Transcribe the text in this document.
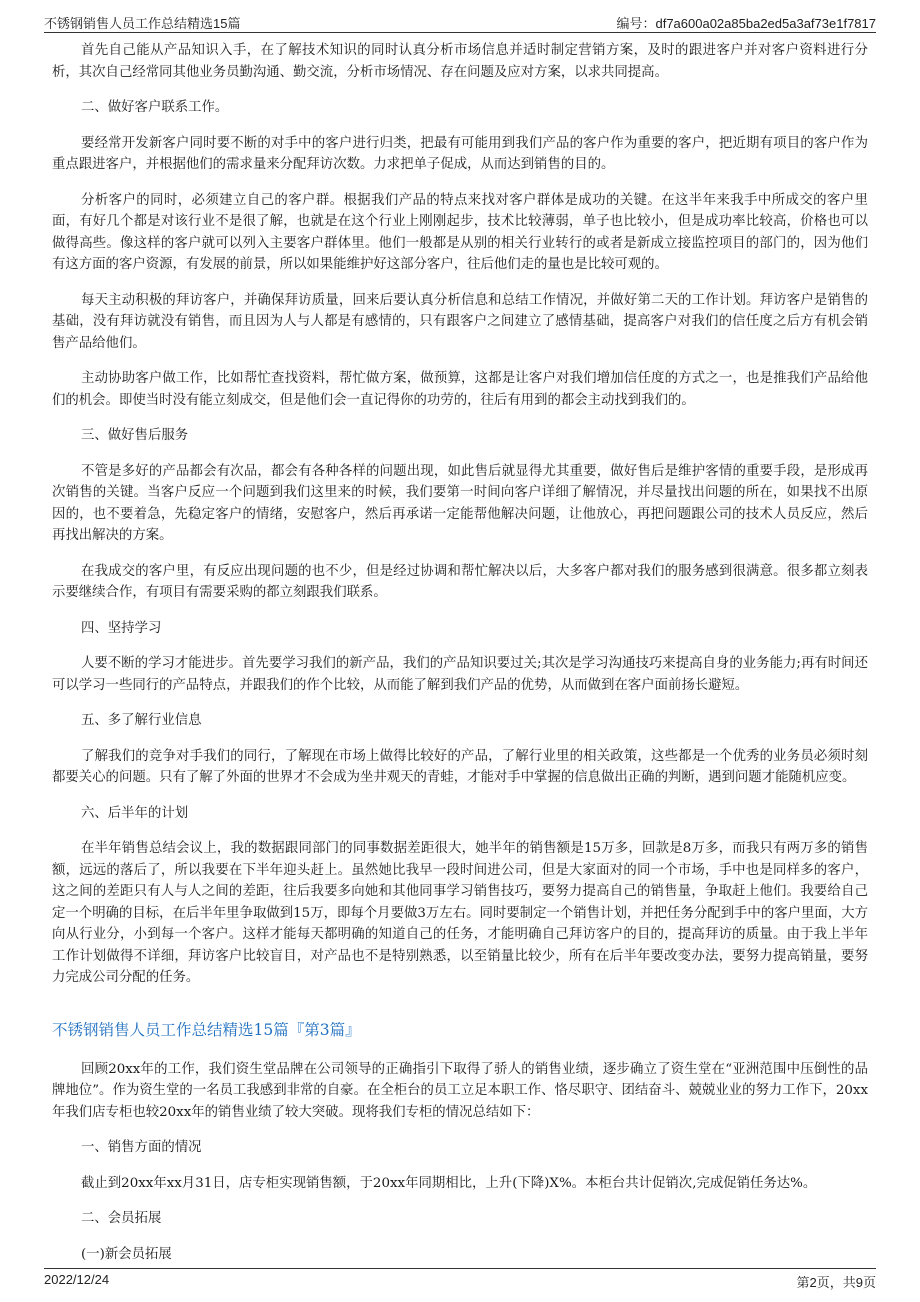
不锈钢销售人员工作总结精选15篇	编号：df7a600a02a85ba2ed5a3af73e1f7817

首先自己能从产品知识入手，在了解技术知识的同时认真分析市场信息并适时制定营销方案，及时的跟进客户并对客户资料进行分析，其次自己经常同其他业务员勤沟通、勤交流，分析市场情况、存在问题及应对方案，以求共同提高。

二、做好客户联系工作。

要经常开发新客户同时要不断的对手中的客户进行归类，把最有可能用到我们产品的客户作为重要的客户，把近期有项目的客户作为重点跟进客户，并根据他们的需求量来分配拜访次数。力求把单子促成，从而达到销售的目的。

分析客户的同时，必须建立自己的客户群。根据我们产品的特点来找对客户群体是成功的关键。在这半年来我手中所成交的客户里面，有好几个都是对该行业不是很了解，也就是在这个行业上刚刚起步，技术比较薄弱，单子也比较小，但是成功率比较高，价格也可以做得高些。像这样的客户就可以列入主要客户群体里。他们一般都是从别的相关行业转行的或者是新成立接监控项目的部门的，因为他们有这方面的客户资源，有发展的前景，所以如果能维护好这部分客户，往后他们走的量也是比较可观的。

每天主动积极的拜访客户，并确保拜访质量，回来后要认真分析信息和总结工作情况，并做好第二天的工作计划。拜访客户是销售的基础，没有拜访就没有销售，而且因为人与人都是有感情的，只有跟客户之间建立了感情基础，提高客户对我们的信任度之后方有机会销售产品给他们。

主动协助客户做工作，比如帮忙查找资料，帮忙做方案，做预算，这都是让客户对我们增加信任度的方式之一，也是推我们产品给他们的机会。即使当时没有能立刻成交，但是他们会一直记得你的功劳的，往后有用到的都会主动找到我们的。

三、做好售后服务

不管是多好的产品都会有次品，都会有各种各样的问题出现，如此售后就显得尤其重要，做好售后是维护客情的重要手段，是形成再次销售的关键。当客户反应一个问题到我们这里来的时候，我们要第一时间向客户详细了解情况，并尽量找出问题的所在，如果找不出原因的，也不要着急，先稳定客户的情绪，安慰客户，然后再承诺一定能帮他解决问题，让他放心，再把问题跟公司的技术人员反应，然后再找出解决的方案。

在我成交的客户里，有反应出现问题的也不少，但是经过协调和帮忙解决以后，大多客户都对我们的服务感到很满意。很多都立刻表示要继续合作，有项目有需要采购的都立刻跟我们联系。

四、坚持学习

人要不断的学习才能进步。首先要学习我们的新产品，我们的产品知识要过关;其次是学习沟通技巧来提高自身的业务能力;再有时间还可以学习一些同行的产品特点，并跟我们的作个比较，从而能了解到我们产品的优势，从而做到在客户面前扬长避短。

五、多了解行业信息

了解我们的竞争对手我们的同行，了解现在市场上做得比较好的产品，了解行业里的相关政策，这些都是一个优秀的业务员必须时刻都要关心的问题。只有了解了外面的世界才不会成为坐井观天的青蛙，才能对手中掌握的信息做出正确的判断，遇到问题才能随机应变。

六、后半年的计划

在半年销售总结会议上，我的数据跟同部门的同事数据差距很大，她半年的销售额是15万多，回款是8万多，而我只有两万多的销售额，远远的落后了，所以我要在下半年迎头赶上。虽然她比我早一段时间进公司，但是大家面对的同一个市场，手中也是同样多的客户，这之间的差距只有人与人之间的差距，往后我要多向她和其他同事学习销售技巧，要努力提高自己的销售量，争取赶上他们。我要给自己定一个明确的目标，在后半年里争取做到15万，即每个月要做3万左右。同时要制定一个销售计划，并把任务分配到手中的客户里面，大方向从行业分，小到每一个客户。这样才能每天都明确的知道自己的任务，才能明确自己拜访客户的目的，提高拜访的质量。由于我上半年工作计划做得不详细，拜访客户比较盲目，对产品也不是特别熟悉，以至销量比较少，所有在后半年要改变办法，要努力提高销量，要努力完成公司分配的任务。

不锈钢销售人员工作总结精选15篇『第3篇』

回顾20xx年的工作，我们资生堂品牌在公司领导的正确指引下取得了骄人的销售业绩，逐步确立了资生堂在“亚洲范围中压倒性的品牌地位”。作为资生堂的一名员工我感到非常的自豪。在全柜台的员工立足本职工作、恪尽职守、团结奋斗、兢兢业业的努力工作下，20xx年我们店专柜也较20xx年的销售业绩了较大突破。现将我们专柜的情况总结如下：

一、销售方面的情况

截止到20xx年xx月31日，店专柜实现销售额，于20xx年同期相比，上升(下降)X%。本柜台共计促销次,完成促销任务达%。

二、会员拓展
(一)新会员拓展
2022/12/24	第2页，共9页
